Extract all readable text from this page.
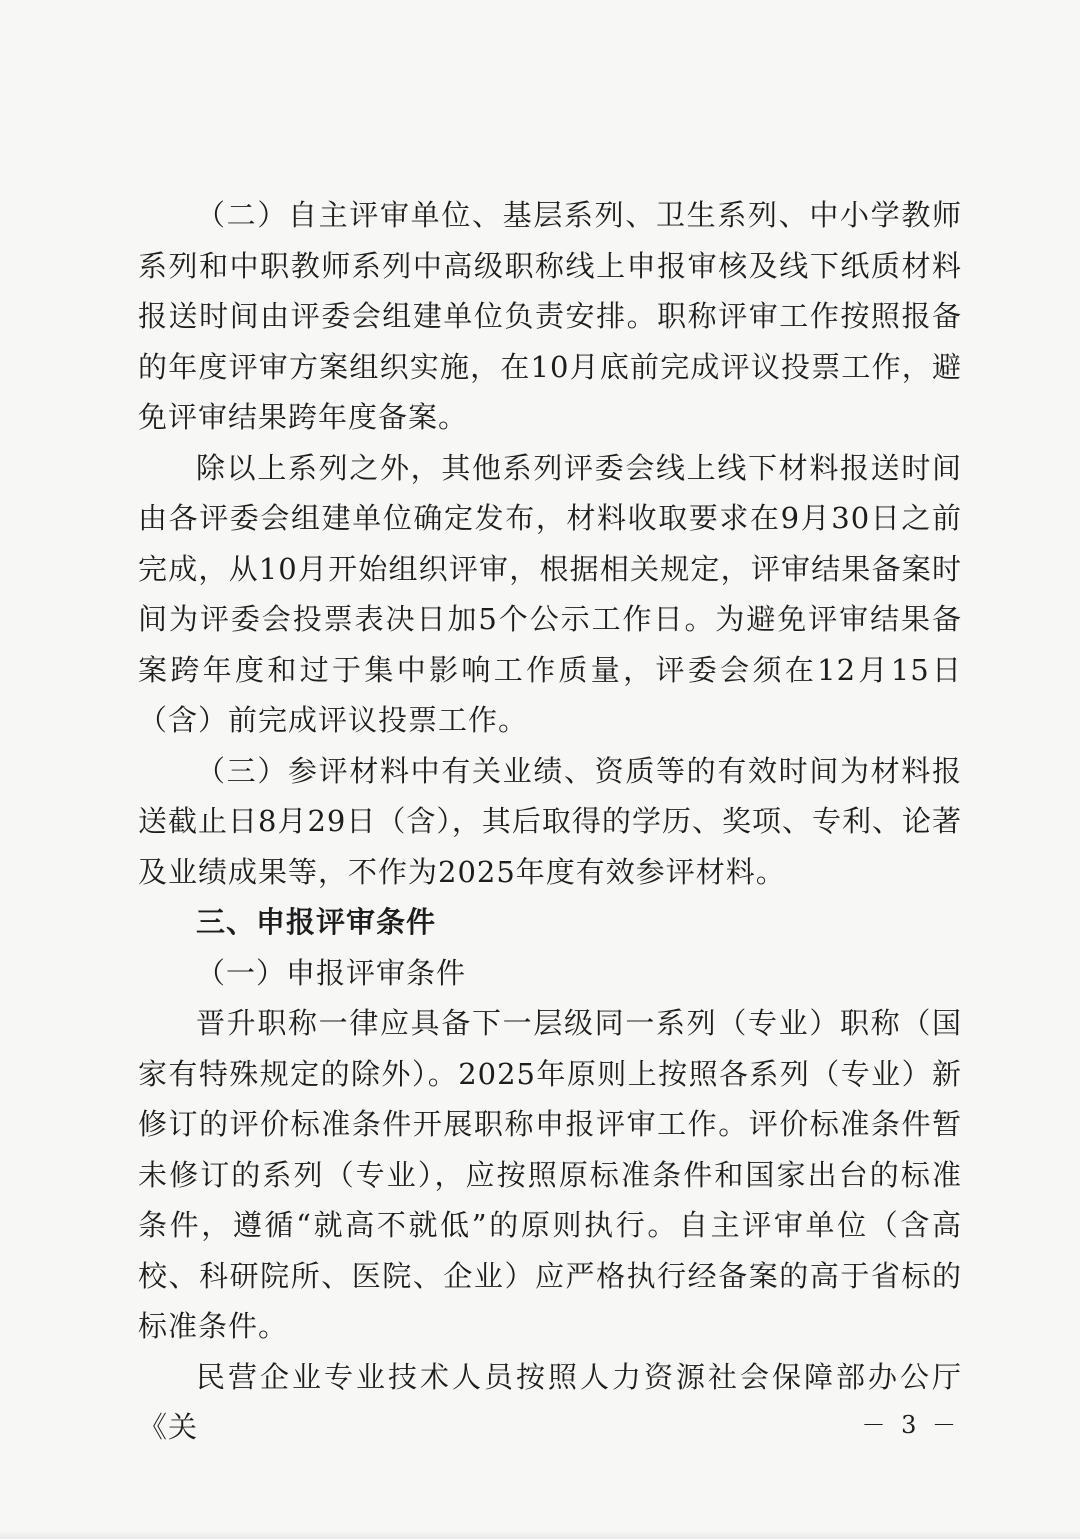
（二）自主评审单位、基层系列、卫生系列、中小学教师系列和中职教师系列中高级职称线上申报审核及线下纸质材料报送时间由评委会组建单位负责安排。职称评审工作按照报备的年度评审方案组织实施，在10月底前完成评议投票工作，避免评审结果跨年度备案。

除以上系列之外，其他系列评委会线上线下材料报送时间由各评委会组建单位确定发布，材料收取要求在9月30日之前完成，从10月开始组织评审，根据相关规定，评审结果备案时间为评委会投票表决日加5个公示工作日。为避免评审结果备案跨年度和过于集中影响工作质量，评委会须在12月15日（含）前完成评议投票工作。

（三）参评材料中有关业绩、资质等的有效时间为材料报送截止日8月29日（含），其后取得的学历、奖项、专利、论著及业绩成果等，不作为2025年度有效参评材料。

三、申报评审条件

（一）申报评审条件

晋升职称一律应具备下一层级同一系列（专业）职称（国家有特殊规定的除外）。2025年原则上按照各系列（专业）新修订的评价标准条件开展职称申报评审工作。评价标准条件暂未修订的系列（专业），应按照原标准条件和国家出台的标准条件，遵循“就高不就低”的原则执行。自主评审单位（含高校、科研院所、医院、企业）应严格执行经备案的高于省标的标准条件。

民营企业专业技术人员按照人力资源社会保障部办公厅《关	－ 3 －
